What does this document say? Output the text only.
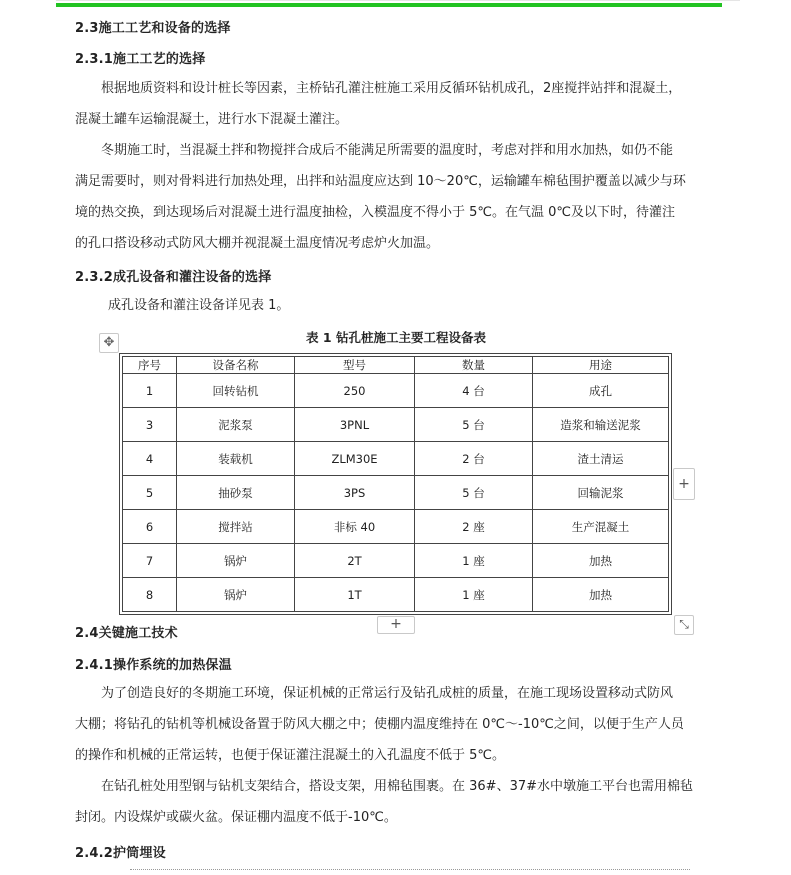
2.3施工工艺和设备的选择
2.3.1施工工艺的选择
根据地质资料和设计桩长等因素，主桥钻孔灌注桩施工采用反循环钻机成孔，2座搅拌站拌和混凝土，
混凝土罐车运输混凝土，进行水下混凝土灌注。
冬期施工时，当混凝土拌和物搅拌合成后不能满足所需要的温度时，考虑对拌和用水加热，如仍不能
满足需要时，则对骨料进行加热处理，出拌和站温度应达到 10～20℃，运输罐车棉毡围护覆盖以减少与环
境的热交换，到达现场后对混凝土进行温度抽检，入模温度不得小于 5℃。在气温 0℃及以下时，待灌注
的孔口搭设移动式防风大棚并视混凝土温度情况考虑炉火加温。
2.3.2成孔设备和灌注设备的选择
成孔设备和灌注设备详见表 1。
表 1 钻孔桩施工主要工程设备表
✥
序号	设备名称	型号	数量	用途
1	回转钻机	250	4 台	成孔
3	泥浆泵	3PNL	5 台	造浆和输送泥浆
4	装载机	ZLM30E	2 台	渣土清运
5	抽砂泵	3PS	5 台	回输泥浆
6	搅拌站	非标 40	2 座	生产混凝土
7	锅炉	2T	1 座	加热
8	锅炉	1T	1 座	加热
+
+	⤡
2.4关键施工技术
2.4.1操作系统的加热保温
为了创造良好的冬期施工环境，保证机械的正常运行及钻孔成桩的质量，在施工现场设置移动式防风
大棚；将钻孔的钻机等机械设备置于防风大棚之中；使棚内温度维持在 0℃～-10℃之间，以便于生产人员
的操作和机械的正常运转，也便于保证灌注混凝土的入孔温度不低于 5℃。
在钻孔桩处用型钢与钻机支架结合，搭设支架，用棉毡围裹。在 36#、37#水中墩施工平台也需用棉毡
封闭。内设煤炉或碳火盆。保证棚内温度不低于-10℃。
2.4.2护筒埋设
